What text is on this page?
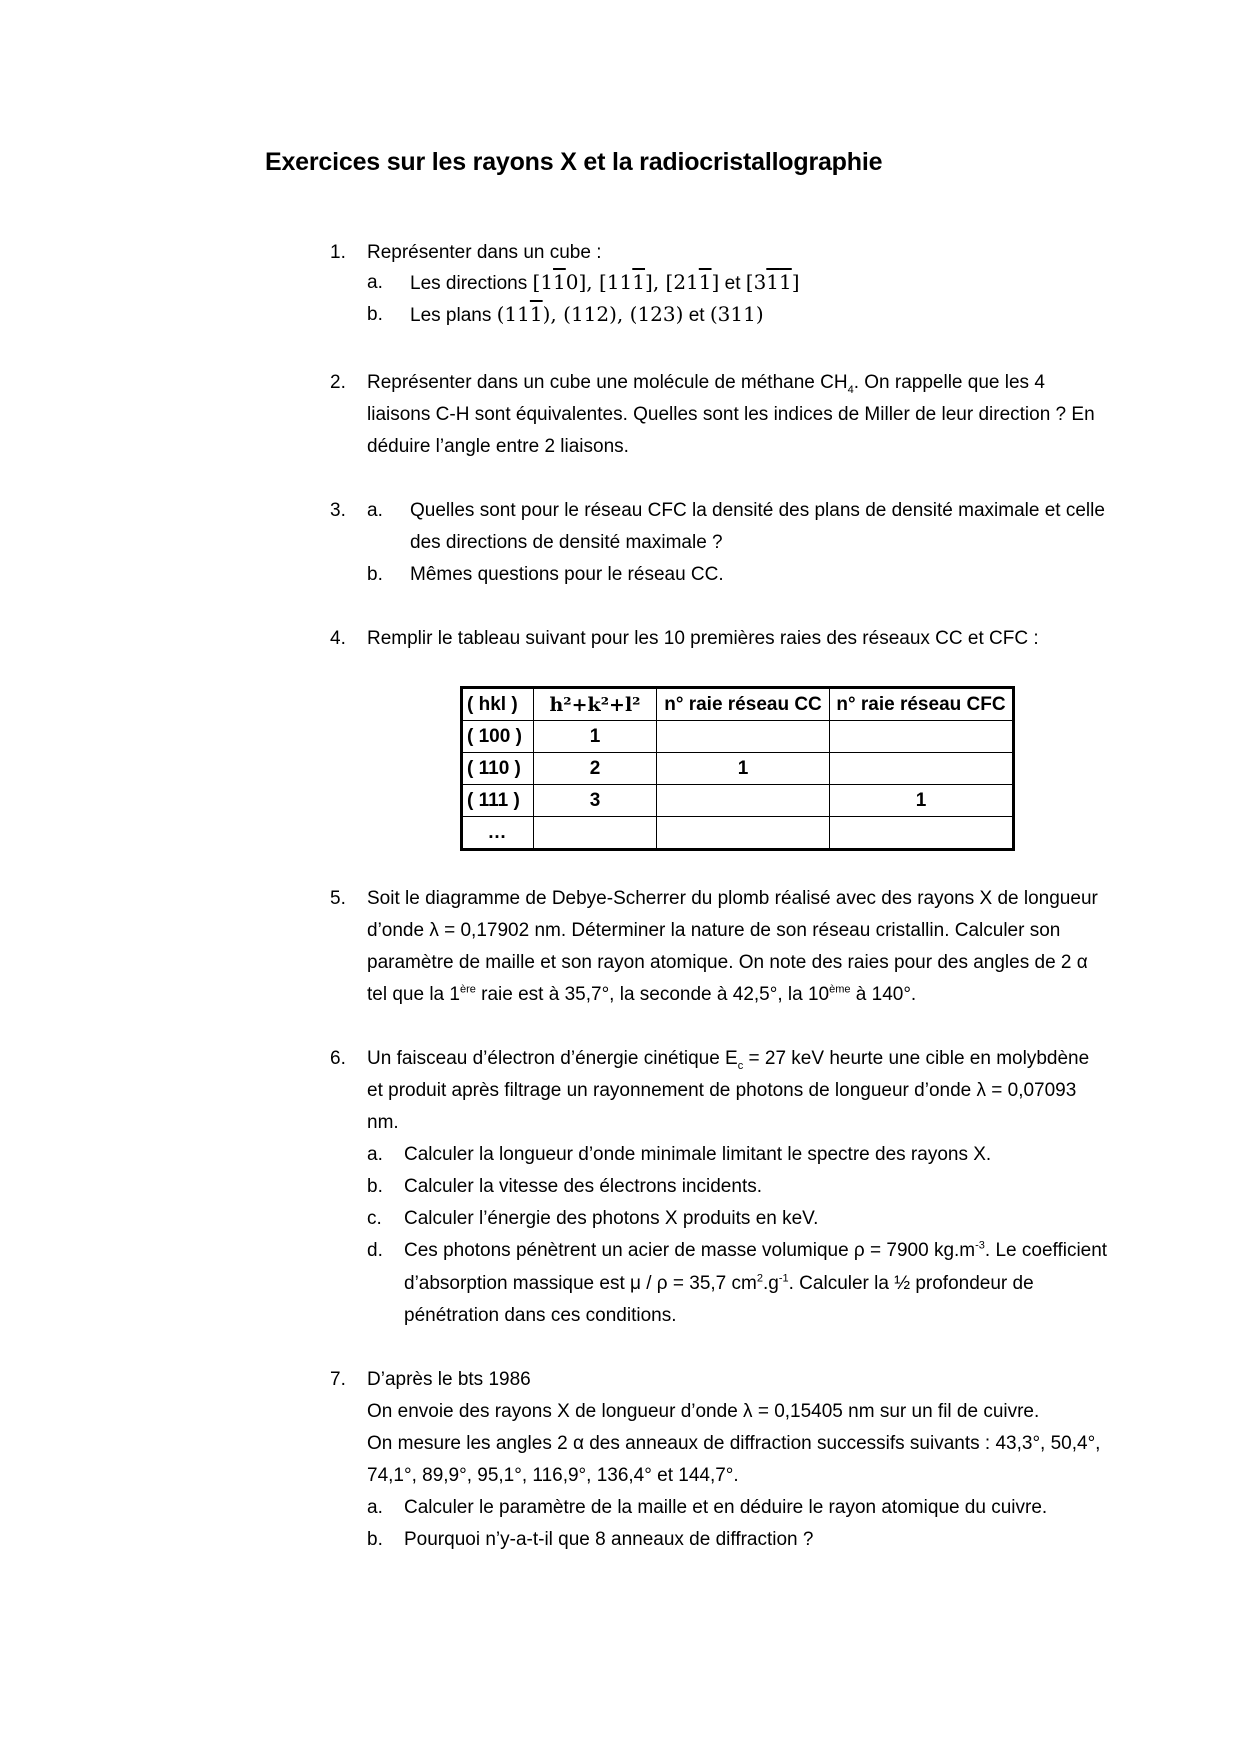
Exercices sur les rayons X et la radiocristallographie
1. Représenter dans un cube :
a. Les directions [110], [111], [211] et [311]
b. Les plans (111), (112), (123) et (311)
2. Représenter dans un cube une molécule de méthane $CH_4$. On rappelle que les 4
liaisons C-H sont équivalentes. Quelles sont les indices de Miller de leur direction ? En
déduire l’angle entre 2 liaisons.
3. a. Quelles sont pour le réseau CFC la densité des plans de densité maximale et celle
des directions de densité maximale ?
b. Mêmes questions pour le réseau CC.
4. Remplir le tableau suivant pour les 10 premières raies des réseaux CC et CFC :
( hkl )	h²+k²+l²	n° raie réseau CC	n° raie réseau CFC
( 100 )	1		
( 110 )	2	1	
( 111 )	3		1
…			
5. Soit le diagramme de Debye-Scherrer du plomb réalisé avec des rayons X de longueur
d’onde λ = 0,17902 nm. Déterminer la nature de son réseau cristallin. Calculer son
paramètre de maille et son rayon atomique. On note des raies pour des angles de 2 α
tel que la 1ère raie est à 35,7°, la seconde à 42,5°, la 10ème à 140°.
6. Un faisceau d’électron d’énergie cinétique $E_c = 27$ keV heurte une cible en molybdène
et produit après filtrage un rayonnement de photons de longueur d’onde λ = 0,07093
nm.
a. Calculer la longueur d’onde minimale limitant le spectre des rayons X.
b. Calculer la vitesse des électrons incidents.
c. Calculer l’énergie des photons X produits en keV.
d. Ces photons pénètrent un acier de masse volumique ρ = 7900 $kg.m^{-3}$. Le coefficient
d’absorption massique est μ / ρ = 35,7 $cm^2.g^{-1}$. Calculer la ½ profondeur de
pénétration dans ces conditions.
7. D’après le bts 1986
On envoie des rayons X de longueur d’onde λ = 0,15405 nm sur un fil de cuivre.
On mesure les angles 2 α des anneaux de diffraction successifs suivants : 43,3°, 50,4°,
74,1°, 89,9°, 95,1°, 116,9°, 136,4° et 144,7°.
a. Calculer le paramètre de la maille et en déduire le rayon atomique du cuivre.
b. Pourquoi n’y-a-t-il que 8 anneaux de diffraction ?
